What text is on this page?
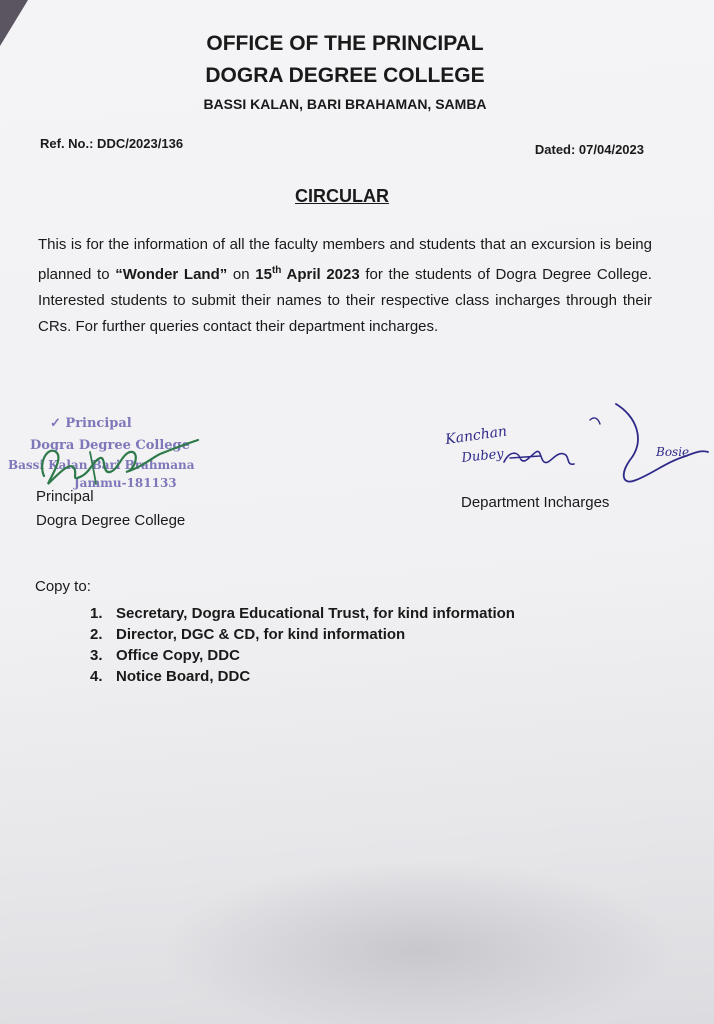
OFFICE OF THE PRINCIPAL
DOGRA DEGREE COLLEGE
BASSI KALAN, BARI BRAHAMAN, SAMBA
Ref. No.: DDC/2023/136	Dated: 07/04/2023
CIRCULAR
This is for the information of all the faculty members and students that an excursion is being planned to “Wonder Land” on 15th April 2023 for the students of Dogra Degree College. Interested students to submit their names to their respective class incharges through their CRs. For further queries contact their department incharges.
✓ Principal
Dogra Degree College
Bassi Kalan Bari Brahmana
Jammu-181133
Principal
Dogra Degree College
Kanchan
Dubey	Bosie
Department Incharges
Copy to:
1. Secretary, Dogra Educational Trust, for kind information
2. Director, DGC & CD, for kind information
3. Office Copy, DDC
4. Notice Board, DDC
